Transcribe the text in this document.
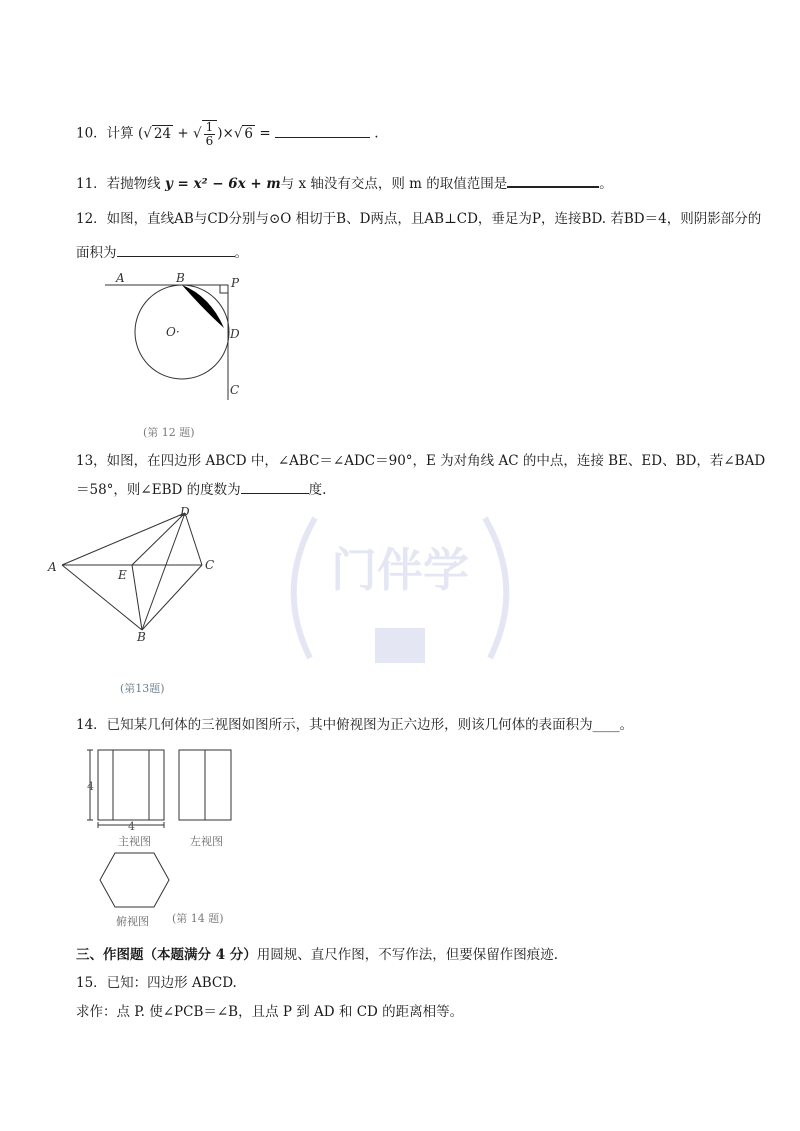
门伴学
10．计算 (√ 24 + √ $\frac{1}{6}$ )×√ 6 =	.
11．若抛物线 y = x² − 6x + m与 x 轴没有交点，则 m 的取值范围是	。
12．如图，直线AB与CD分别与⊙O 相切于B、D两点，且AB⊥CD，垂足为P，连接BD. 若BD＝4，则阴影部分的
面积为	。
A	B	P
O·	D
C
(第 12 题)
13，如图，在四边形 ABCD 中，∠ABC＝∠ADC＝90°，E 为对角线 AC 的中点，连接 BE、ED、BD，若∠BAD
＝58°，则∠EBD 的度数为	度.
A
B
C
D
E
(第13题)
14．已知某几何体的三视图如图所示，其中俯视图为正六边形，则该几何体的表面积为____。
4
4
主视图	左视图
俯视图 (第 14 题)
三、作图题（本题满分 4 分）用圆规、直尺作图，不写作法，但要保留作图痕迹.
15．已知：四边形 ABCD.
求作：点 P. 使∠PCB＝∠B，且点 P 到 AD 和 CD 的距离相等。
